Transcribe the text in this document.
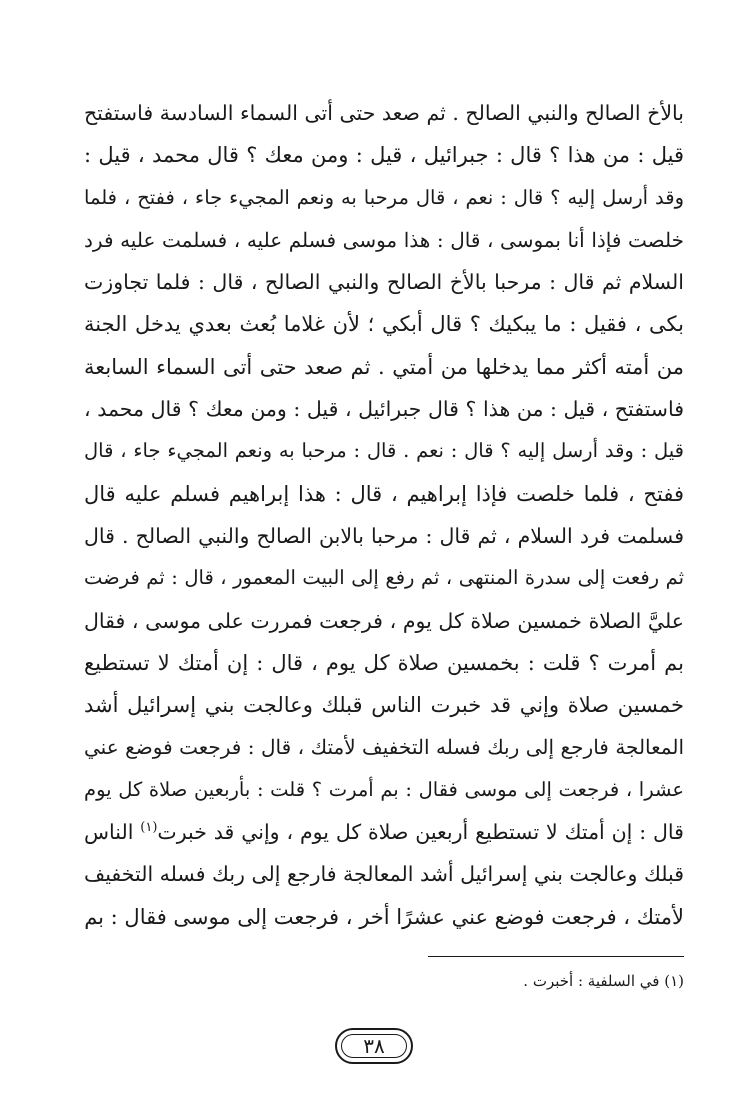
بالأخ الصالح والنبي الصالح . ثم صعد حتى أتى السماء السادسة فاستفتح
قيل : من هذا ؟ قال : جبرائيل ، قيل : ومن معك ؟ قال محمد ، قيل :
وقد أرسل إليه ؟ قال : نعم ، قال مرحبا به ونعم المجيء جاء ، ففتح ، فلما
خلصت فإذا أنا بموسى ، قال : هذا موسى فسلم عليه ، فسلمت عليه فرد
السلام ثم قال : مرحبا بالأخ الصالح والنبي الصالح ، قال : فلما تجاوزت
بكى ، فقيل : ما يبكيك ؟ قال أبكي ؛ لأن غلاما بُعث بعدي يدخل الجنة
من أمته أكثر مما يدخلها من أمتي . ثم صعد حتى أتى السماء السابعة
فاستفتح ، قيل : من هذا ؟ قال جبرائيل ، قيل : ومن معك ؟ قال محمد ،
قيل : وقد أرسل إليه ؟ قال : نعم . قال : مرحبا به ونعم المجيء جاء ، قال
ففتح ، فلما خلصت فإذا إبراهيم ، قال : هذا إبراهيم فسلم عليه قال
فسلمت فرد السلام ، ثم قال : مرحبا بالابن الصالح والنبي الصالح . قال
ثم رفعت إلى سدرة المنتهى ، ثم رفع إلى البيت المعمور ، قال : ثم فرضت
عليَّ الصلاة خمسين صلاة كل يوم ، فرجعت فمررت على موسى ، فقال
بم أمرت ؟ قلت : بخمسين صلاة كل يوم ، قال : إن أمتك لا تستطيع
خمسين صلاة وإني قد خبرت الناس قبلك وعالجت بني إسرائيل أشد
المعالجة فارجع إلى ربك فسله التخفيف لأمتك ، قال : فرجعت فوضع عني
عشرا ، فرجعت إلى موسى فقال : بم أمرت ؟ قلت : بأربعين صلاة كل يوم
قال : إن أمتك لا تستطيع أربعين صلاة كل يوم ، وإني قد خبرت$^{(١)}$ الناس
قبلك وعالجت بني إسرائيل أشد المعالجة فارجع إلى ربك فسله التخفيف
لأمتك ، فرجعت فوضع عني عشرًا أخر ، فرجعت إلى موسى فقال : بم

(١) في السلفية : أخبرت .

٣٨
